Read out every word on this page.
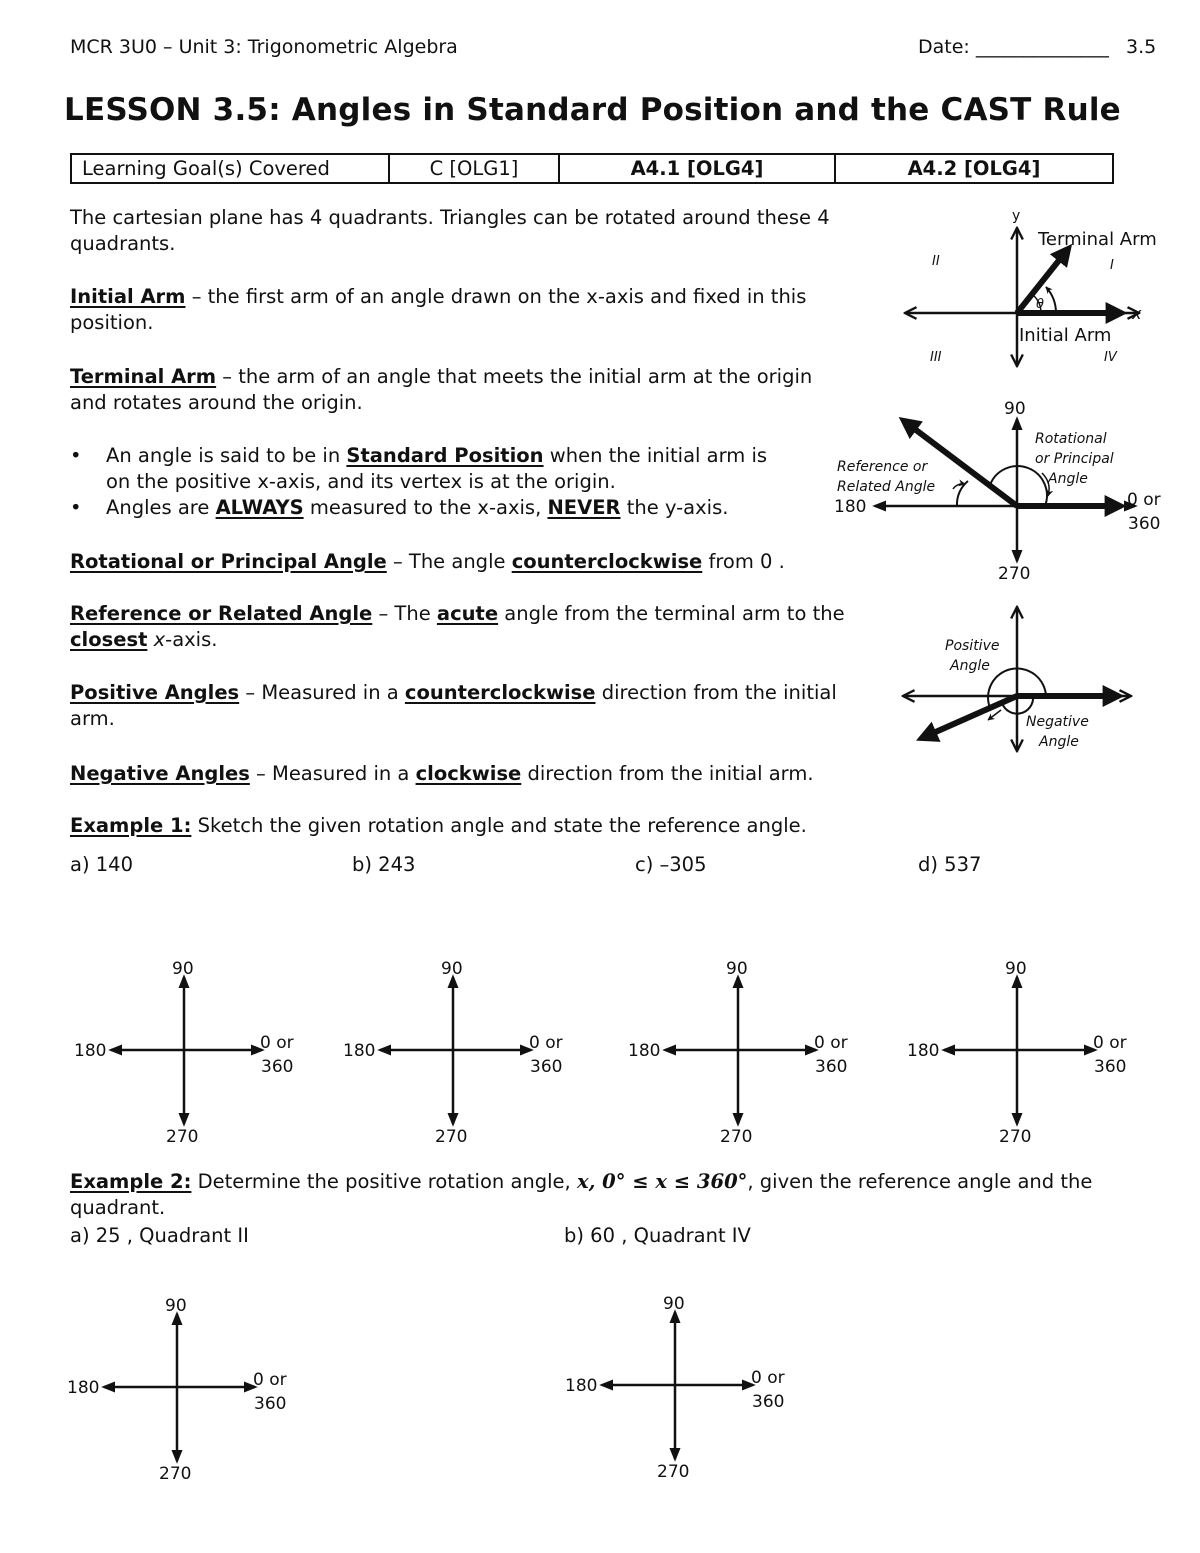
MCR 3U0 – Unit 3: Trigonometric Algebra	Date: ______________ 3.5
LESSON 3.5: Angles in Standard Position and the CAST Rule
Learning Goal(s) Covered	C [OLG1]	A4.1 [OLG4]	A4.2 [OLG4]
The cartesian plane has 4 quadrants. Triangles can be rotated around these 4 quadrants.
Initial Arm – the first arm of an angle drawn on the x-axis and fixed in this position.
Terminal Arm – the arm of an angle that meets the initial arm at the origin and rotates around the origin.
• An angle is said to be in Standard Position when the initial arm is on the positive x-axis, and its vertex is at the origin.
• Angles are ALWAYS measured to the x-axis, NEVER the y-axis.
Rotational or Principal Angle – The angle counterclockwise from 0 .
Reference or Related Angle – The acute angle from the terminal arm to the closest x-axis.
Positive Angles – Measured in a counterclockwise direction from the initial arm.
Negative Angles – Measured in a clockwise direction from the initial arm.
Example 1: Sketch the given rotation angle and state the reference angle.
a) 140	b) 243	c) –305	d) 537
Example 2: Determine the positive rotation angle, x, 0° ≤ x ≤ 360°, given the reference angle and the quadrant.
a) 25 , Quadrant II	b) 60 , Quadrant IV
y
x
Terminal Arm
Initial Arm
θ
I
II
III	IV
90
180	0 or
360
270
Rotational
or Principal
Angle
Reference or
Related Angle
Positive
Angle
Negative
Angle
90
180	0 or
360
270
90
180	0 or
360
270
90
180	0 or
360
270
90
180	0 or
360
270
90
180	0 or
360
270
90
180	0 or
360
270
